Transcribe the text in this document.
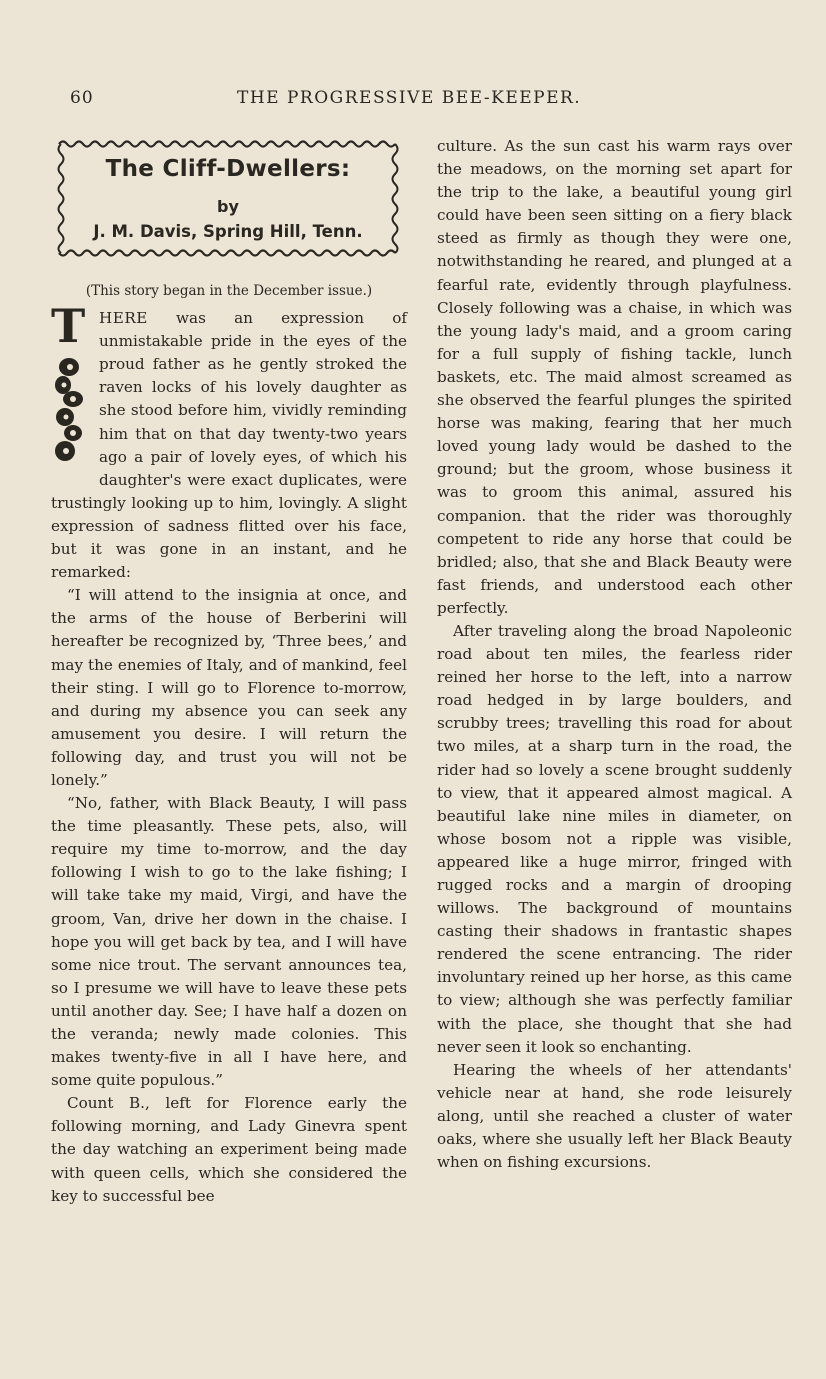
60	THE PROGRESSIVE BEE-KEEPER.
The Cliff-Dwellers:
by
J. M. Davis, Spring Hill, Tenn.
(This story began in the December issue.)
T HERE was an expression of unmistakable pride in the eyes of the proud father as he gently stroked the raven locks of his lovely daughter as she stood before him, vividly reminding him that on that day twenty-two years ago a pair of lovely eyes, of which his daughter's were exact duplicates, were trustingly looking up to him, lovingly. A slight expression of sadness flitted over his face, but it was gone in an instant, and he remarked:

“I will attend to the insignia at once, and the arms of the house of Berberini will hereafter be recognized by, ‘Three bees,’ and may the enemies of Italy, and of mankind, feel their sting. I will go to Florence to-morrow, and during my absence you can seek any amusement you desire. I will return the following day, and trust you will not be lonely.”

“No, father, with Black Beauty, I will pass the time pleasantly. These pets, also, will require my time to-morrow, and the day following I wish to go to the lake fishing; I will take take my maid, Virgi, and have the groom, Van, drive her down in the chaise. I hope you will get back by tea, and I will have some nice trout. The servant announces tea, so I presume we will have to leave these pets until another day. See; I have half a dozen on the veranda; newly made colonies. This makes twenty-five in all I have here, and some quite populous.”

Count B., left for Florence early the following morning, and Lady Ginevra spent the day watching an experiment being made with queen cells, which she considered the key to successful bee

culture. As the sun cast his warm rays over the meadows, on the morning set apart for the trip to the lake, a beautiful young girl could have been seen sitting on a fiery black steed as firmly as though they were one, notwithstanding he reared, and plunged at a fearful rate, evidently through playfulness. Closely following was a chaise, in which was the young lady's maid, and a groom caring for a full supply of fishing tackle, lunch baskets, etc. The maid almost screamed as she observed the fearful plunges the spirited horse was making, fearing that her much loved young lady would be dashed to the ground; but the groom, whose business it was to groom this animal, assured his companion. that the rider was thoroughly competent to ride any horse that could be bridled; also, that she and Black Beauty were fast friends, and understood each other perfectly.

After traveling along the broad Napoleonic road about ten miles, the fearless rider reined her horse to the left, into a narrow road hedged in by large boulders, and scrubby trees; travelling this road for about two miles, at a sharp turn in the road, the rider had so lovely a scene brought suddenly to view, that it appeared almost magical. A beautiful lake nine miles in diameter, on whose bosom not a ripple was visible, appeared like a huge mirror, fringed with rugged rocks and a margin of drooping willows. The background of mountains casting their shadows in frantastic shapes rendered the scene entrancing. The rider involuntary reined up her horse, as this came to view; although she was perfectly familiar with the place, she thought that she had never seen it look so enchanting.

Hearing the wheels of her attendants' vehicle near at hand, she rode leisurely along, until she reached a cluster of water oaks, where she usually left her Black Beauty when on fishing excursions.
